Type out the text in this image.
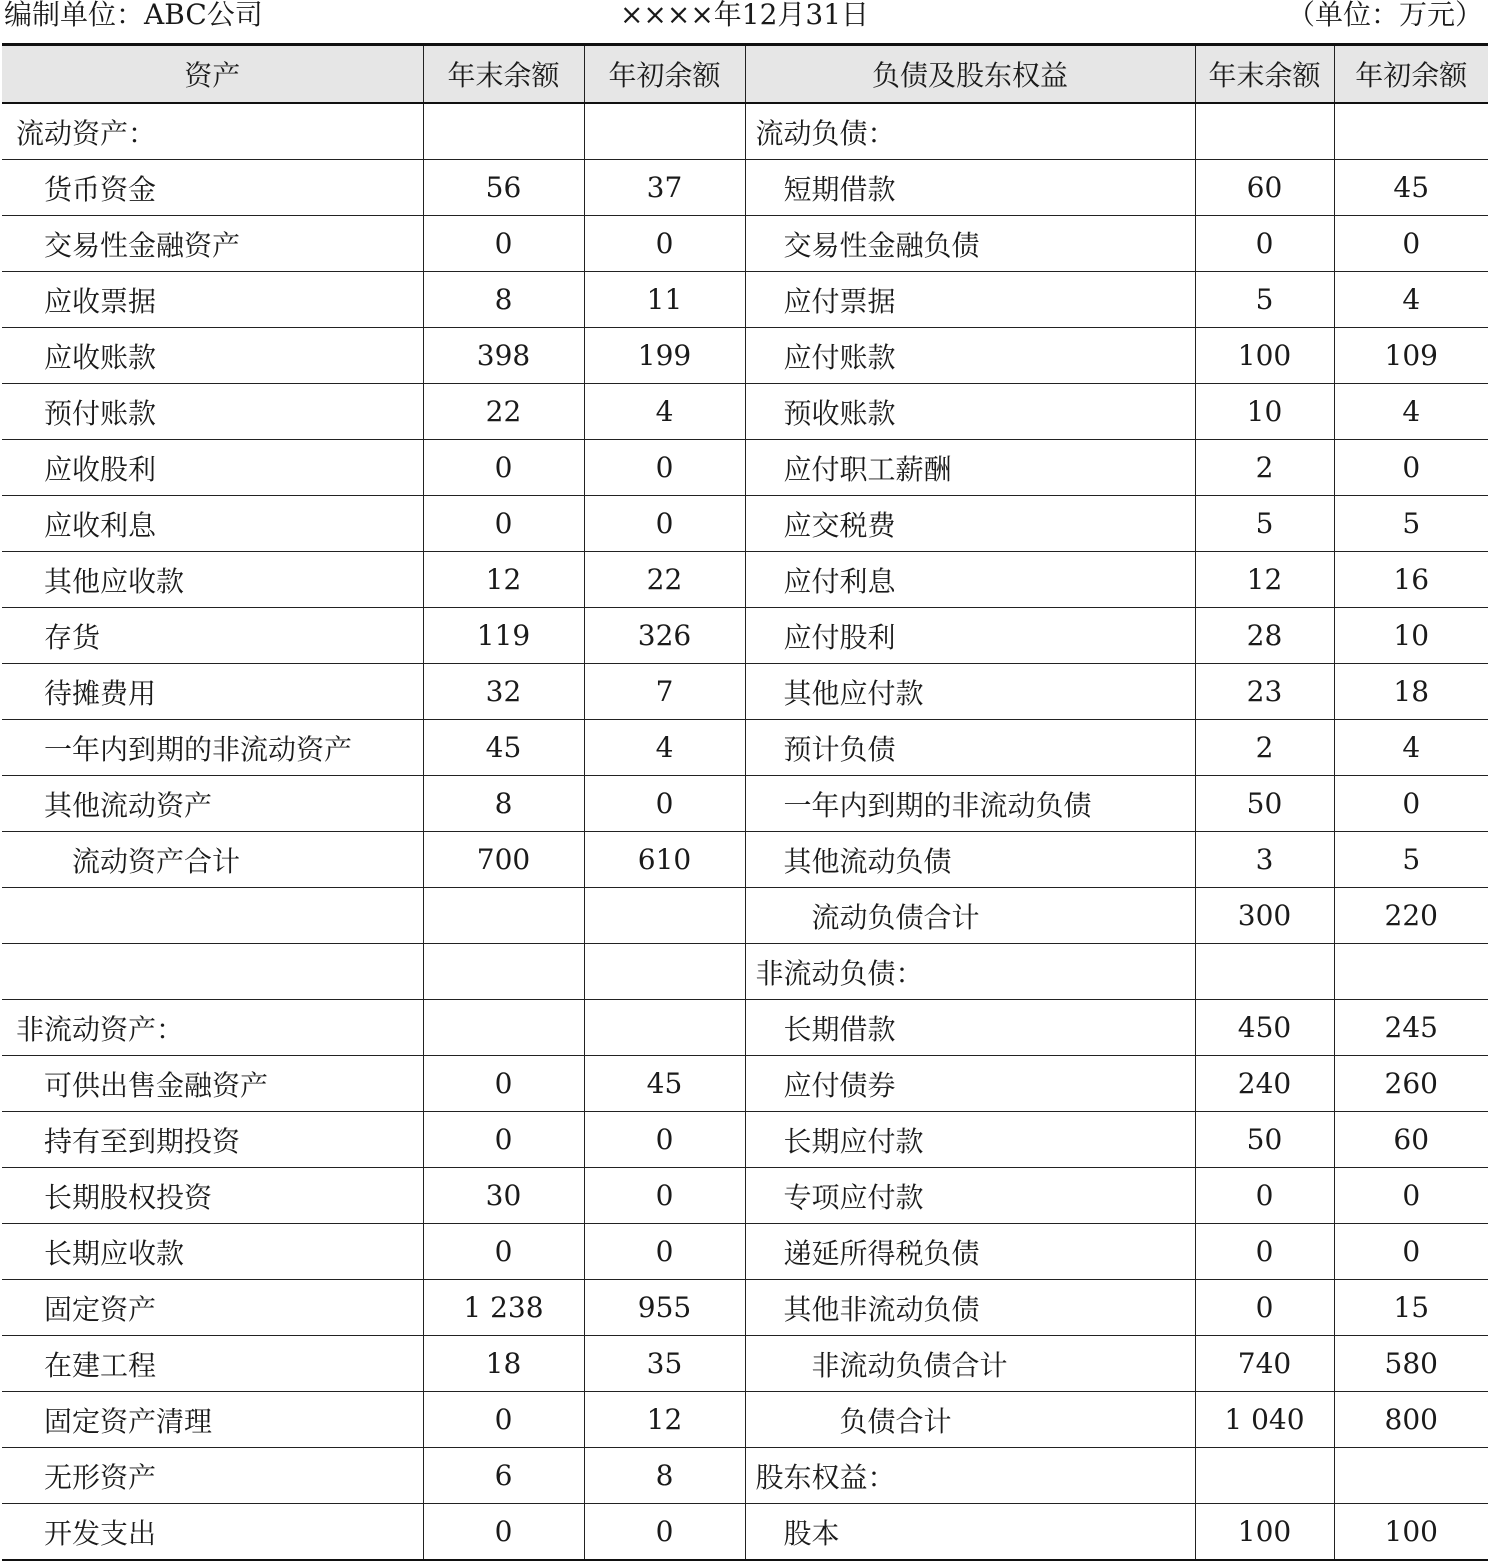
编制单位：ABC公司	××××年12月31日	（单位：万元）
资产	年末余额	年初余额	负债及股东权益	年末余额	年初余额
流动资产：			流动负债：		
货币资金	56	37	短期借款	60	45
交易性金融资产	0	0	交易性金融负债	0	0
应收票据	8	11	应付票据	5	4
应收账款	398	199	应付账款	100	109
预付账款	22	4	预收账款	10	4
应收股利	0	0	应付职工薪酬	2	0
应收利息	0	0	应交税费	5	5
其他应收款	12	22	应付利息	12	16
存货	119	326	应付股利	28	10
待摊费用	32	7	其他应付款	23	18
一年内到期的非流动资产	45	4	预计负债	2	4
其他流动资产	8	0	一年内到期的非流动负债	50	0
流动资产合计	700	610	其他流动负债	3	5
			流动负债合计	300	220
			非流动负债：		
非流动资产：			长期借款	450	245
可供出售金融资产	0	45	应付债券	240	260
持有至到期投资	0	0	长期应付款	50	60
长期股权投资	30	0	专项应付款	0	0
长期应收款	0	0	递延所得税负债	0	0
固定资产	1 238	955	其他非流动负债	0	15
在建工程	18	35	非流动负债合计	740	580
固定资产清理	0	12	负债合计	1 040	800
无形资产	6	8	股东权益：		
开发支出	0	0	股本	100	100
